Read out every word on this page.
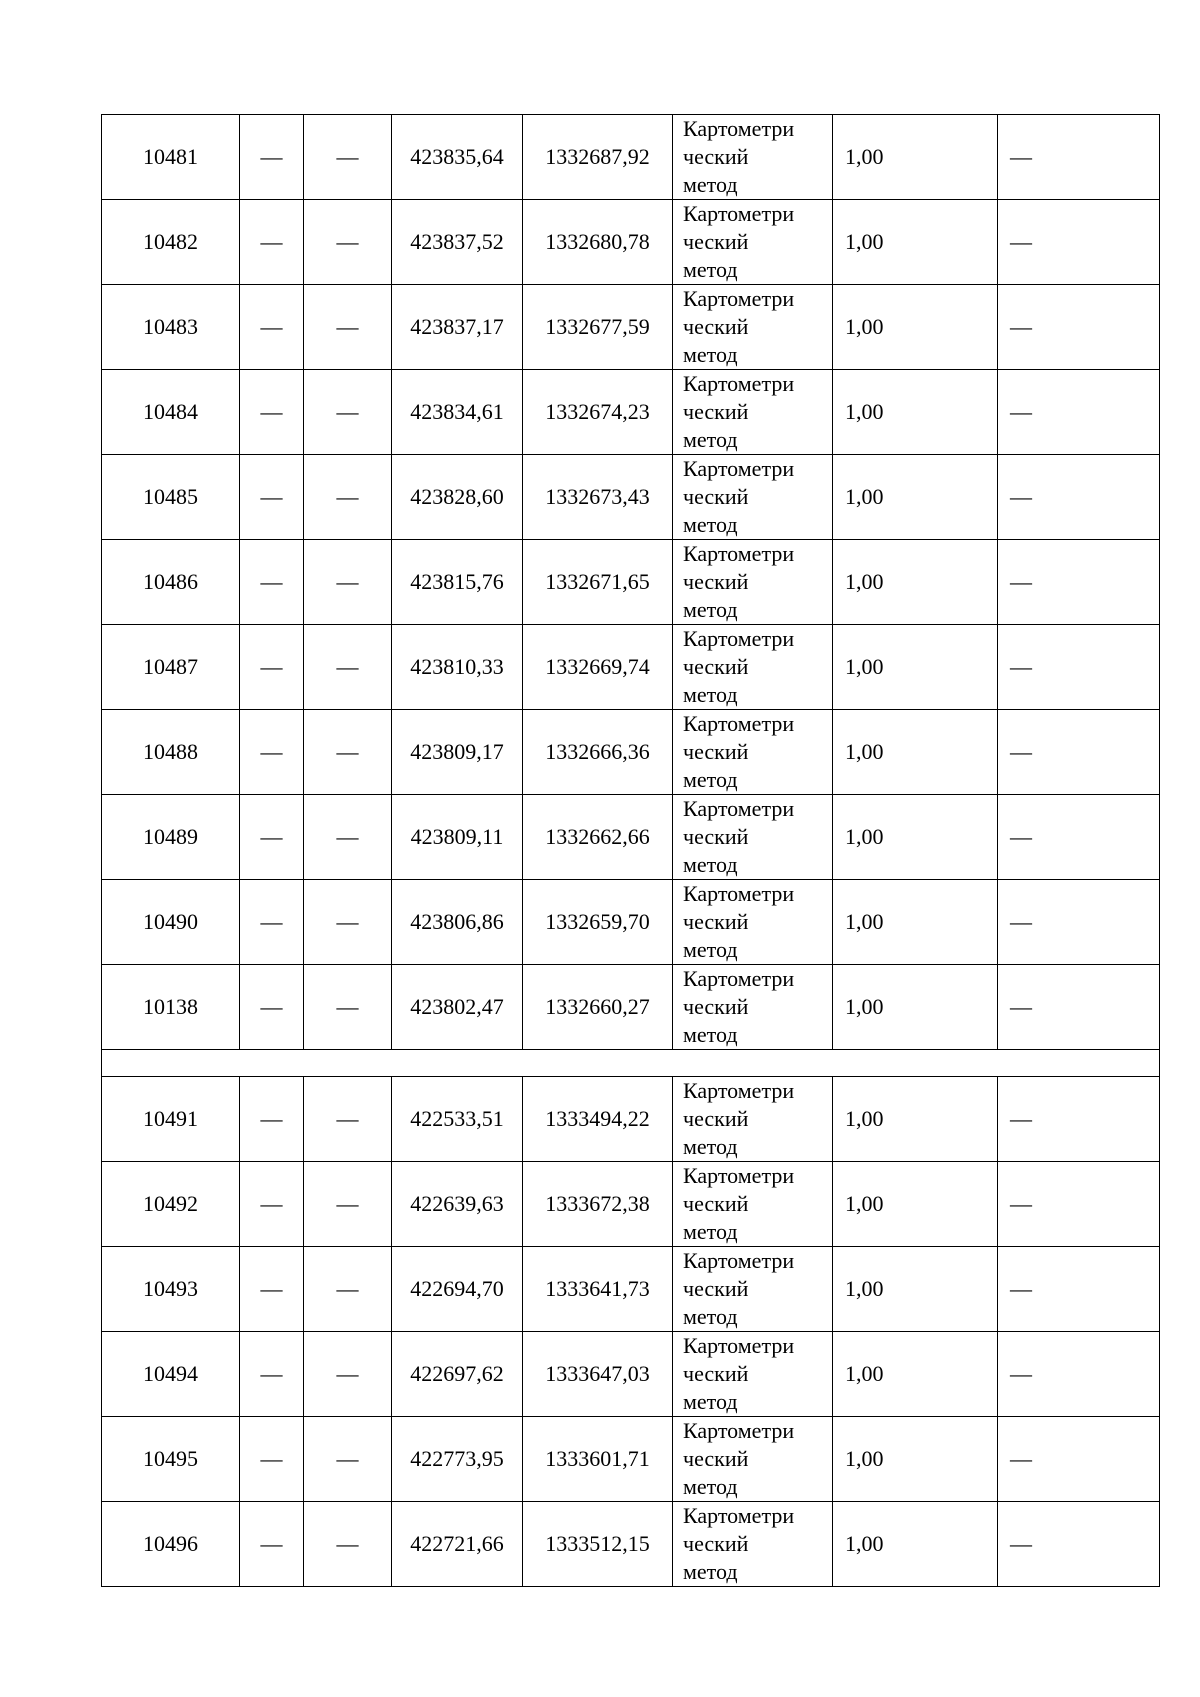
10481	—	—	423835,64	1332687,92	Картометри
ческий
метод	1,00	—
10482	—	—	423837,52	1332680,78	Картометри
ческий
метод	1,00	—
10483	—	—	423837,17	1332677,59	Картометри
ческий
метод	1,00	—
10484	—	—	423834,61	1332674,23	Картометри
ческий
метод	1,00	—
10485	—	—	423828,60	1332673,43	Картометри
ческий
метод	1,00	—
10486	—	—	423815,76	1332671,65	Картометри
ческий
метод	1,00	—
10487	—	—	423810,33	1332669,74	Картометри
ческий
метод	1,00	—
10488	—	—	423809,17	1332666,36	Картометри
ческий
метод	1,00	—
10489	—	—	423809,11	1332662,66	Картометри
ческий
метод	1,00	—
10490	—	—	423806,86	1332659,70	Картометри
ческий
метод	1,00	—
10138	—	—	423802,47	1332660,27	Картометри
ческий
метод	1,00	—

10491	—	—	422533,51	1333494,22	Картометри
ческий
метод	1,00	—
10492	—	—	422639,63	1333672,38	Картометри
ческий
метод	1,00	—
10493	—	—	422694,70	1333641,73	Картометри
ческий
метод	1,00	—
10494	—	—	422697,62	1333647,03	Картометри
ческий
метод	1,00	—
10495	—	—	422773,95	1333601,71	Картометри
ческий
метод	1,00	—
10496	—	—	422721,66	1333512,15	Картометри
ческий
метод	1,00	—
